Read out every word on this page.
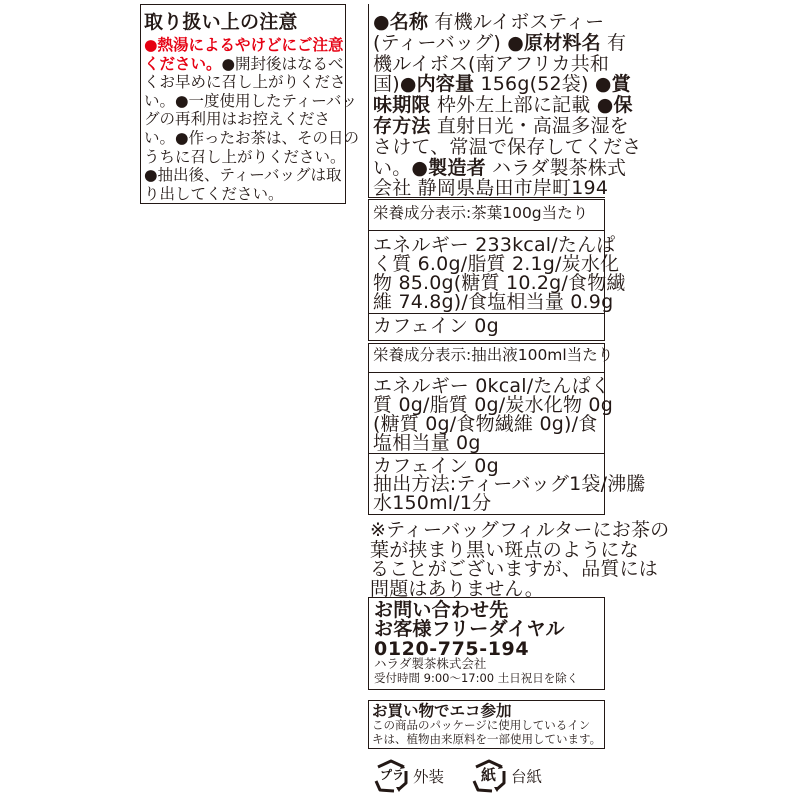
取り扱い上の注意

●熱湯によるやけどにご注意

ください。●開封後はなるべ

くお早めに召し上がりくださ

い。●一度使用したティーバッ

グの再利用はお控えくださ

い。●作ったお茶は、その日の

うちに召し上がりください。

●抽出後、ティーバッグは取

り出してください。

●名称 有機ルイボスティー

(ティーバッグ) ●原材料名 有

機ルイボス(南アフリカ共和

国)●内容量 156g(52袋) ●賞

味期限 枠外左上部に記載 ●保

存方法 直射日光・高温多湿を

さけて、常温で保存してくださ

い。●製造者 ハラダ製茶株式

会社 静岡県島田市岸町194

栄養成分表示:茶葉100g当たり

エネルギー 233kcal/たんぱ

く質 6.0g/脂質 2.1g/炭水化

物 85.0g(糖質 10.2g/食物繊

維 74.8g)/食塩相当量 0.9g

カフェイン 0g

栄養成分表示:抽出液100ml当たり

エネルギー 0kcal/たんぱく

質 0g/脂質 0g/炭水化物 0g

(糖質 0g/食物繊維 0g)/食

塩相当量 0g

カフェイン 0g

抽出方法:ティーバッグ1袋/沸騰

水150ml/1分

※ティーバッグフィルターにお茶の

葉が挟まり黒い斑点のようにな

ることがございますが、品質には

問題はありません。

お問い合わせ先

お客様フリーダイヤル

0120-775-194

ハラダ製茶株式会社

受付時間 9:00～17:00 土日祝日を除く

お買い物でエコ参加

この商品のパッケージに使用しているイン

キは、植物由来原料を一部使用しています。

プラ 外装 紙 台紙
